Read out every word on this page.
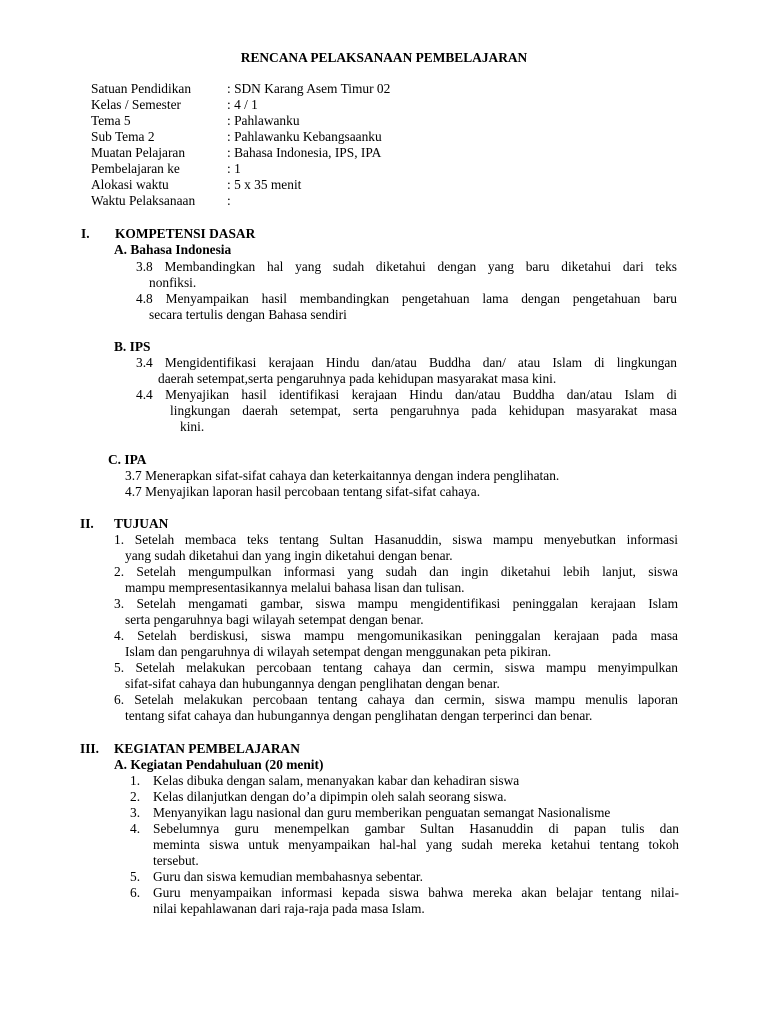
RENCANA PELAKSANAAN PEMBELAJARAN
Satuan Pendidikan	: SDN Karang Asem Timur 02
Kelas / Semester	: 4 / 1
Tema 5	: Pahlawanku
Sub Tema 2	: Pahlawanku Kebangsaanku
Muatan Pelajaran	: Bahasa Indonesia, IPS, IPA
Pembelajaran ke	: 1
Alokasi waktu	: 5 x 35 menit
Waktu Pelaksanaan :
I. KOMPETENSI DASAR
A. Bahasa Indonesia
3.8 Membandingkan hal yang sudah diketahui dengan yang baru diketahui dari teks
nonfiksi.
4.8 Menyampaikan hasil membandingkan pengetahuan lama dengan pengetahuan baru
secara tertulis dengan Bahasa sendiri
B. IPS
3.4 Mengidentifikasi kerajaan Hindu dan/atau Buddha dan/ atau Islam di lingkungan
daerah setempat,serta pengaruhnya pada kehidupan masyarakat masa kini.
4.4 Menyajikan hasil identifikasi kerajaan Hindu dan/atau Buddha dan/atau Islam di
lingkungan daerah setempat, serta pengaruhnya pada kehidupan masyarakat masa
kini.
C. IPA
3.7 Menerapkan sifat-sifat cahaya dan keterkaitannya dengan indera penglihatan.
4.7 Menyajikan laporan hasil percobaan tentang sifat-sifat cahaya.
II. TUJUAN
1. Setelah membaca teks tentang Sultan Hasanuddin, siswa mampu menyebutkan informasi
yang sudah diketahui dan yang ingin diketahui dengan benar.
2. Setelah mengumpulkan informasi yang sudah dan ingin diketahui lebih lanjut, siswa
mampu mempresentasikannya melalui bahasa lisan dan tulisan.
3. Setelah mengamati gambar, siswa mampu mengidentifikasi peninggalan kerajaan Islam
serta pengaruhnya bagi wilayah setempat dengan benar.
4. Setelah berdiskusi, siswa mampu mengomunikasikan peninggalan kerajaan pada masa
Islam dan pengaruhnya di wilayah setempat dengan menggunakan peta pikiran.
5. Setelah melakukan percobaan tentang cahaya dan cermin, siswa mampu menyimpulkan
sifat-sifat cahaya dan hubungannya dengan penglihatan dengan benar.
6. Setelah melakukan percobaan tentang cahaya dan cermin, siswa mampu menulis laporan
tentang sifat cahaya dan hubungannya dengan penglihatan dengan terperinci dan benar.
III. KEGIATAN PEMBELAJARAN
A. Kegiatan Pendahuluan (20 menit)
1. Kelas dibuka dengan salam, menanyakan kabar dan kehadiran siswa
2. Kelas dilanjutkan dengan do’a dipimpin oleh salah seorang siswa.
3. Menyanyikan lagu nasional dan guru memberikan penguatan semangat Nasionalisme
4. Sebelumnya guru menempelkan gambar Sultan Hasanuddin di papan tulis dan
meminta siswa untuk menyampaikan hal-hal yang sudah mereka ketahui tentang tokoh
tersebut.
5. Guru dan siswa kemudian membahasnya sebentar.
6. Guru menyampaikan informasi kepada siswa bahwa mereka akan belajar tentang nilai-
nilai kepahlawanan dari raja-raja pada masa Islam.
